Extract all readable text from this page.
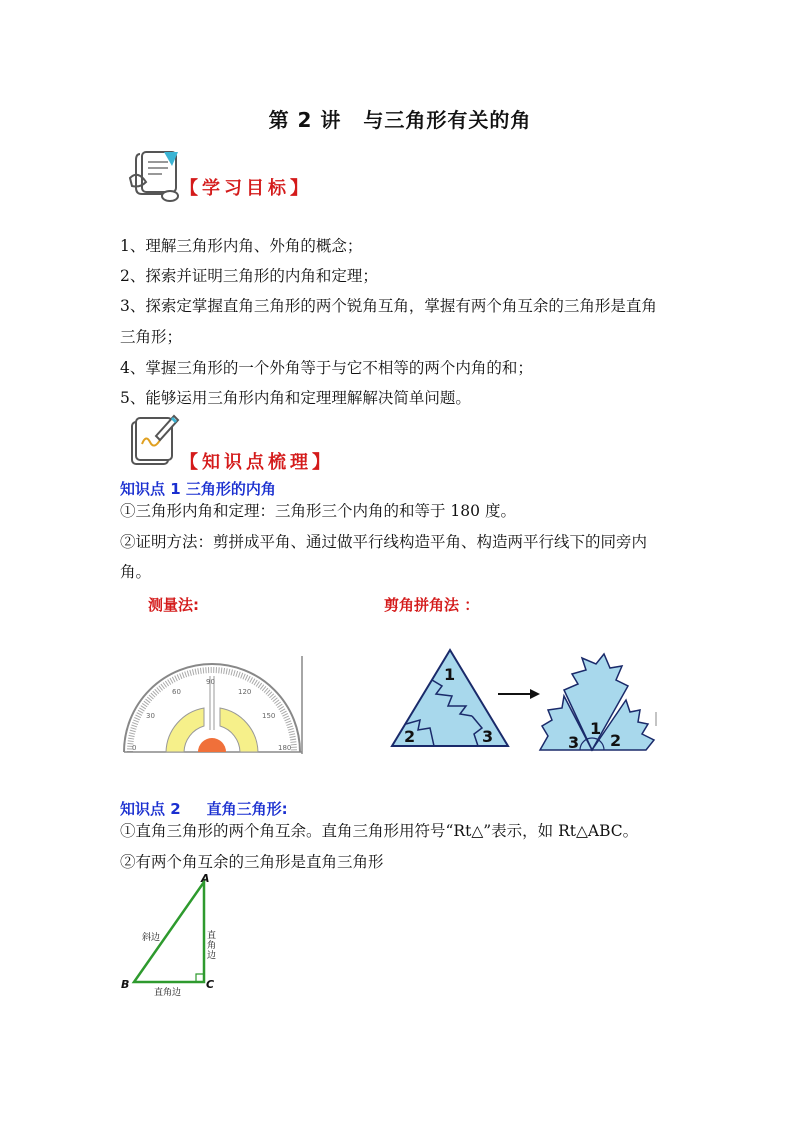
第 2 讲 与三角形有关的角
【学习目标】
1、理解三角形内角、外角的概念；
2、探索并证明三角形的内角和定理；
3、探索定掌握直角三角形的两个锐角互角，掌握有两个角互余的三角形是直角
三角形；
4、掌握三角形的一个外角等于与它不相等的两个内角的和；
5、能够运用三角形内角和定理理解解决简单问题。
【知识点梳理】
知识点 1 三角形的内角
①三角形内角和定理：三角形三个内角的和等于 180 度。
②证明方法：剪拼成平角、通过做平行线构造平角、构造两平行线下的同旁内
角。
测量法:	剪角拼角法 ：
0
30
60
90
120
150
180
1
2	3	1
3 2
知识点 2 直角三角形:
①直角三角形的两个角互余。直角三角形用符号“Rt△”表示，如 Rt△ABC。
②有两个角互余的三角形是直角三角形
A
B	C
斜边	直
角
边
直角边
